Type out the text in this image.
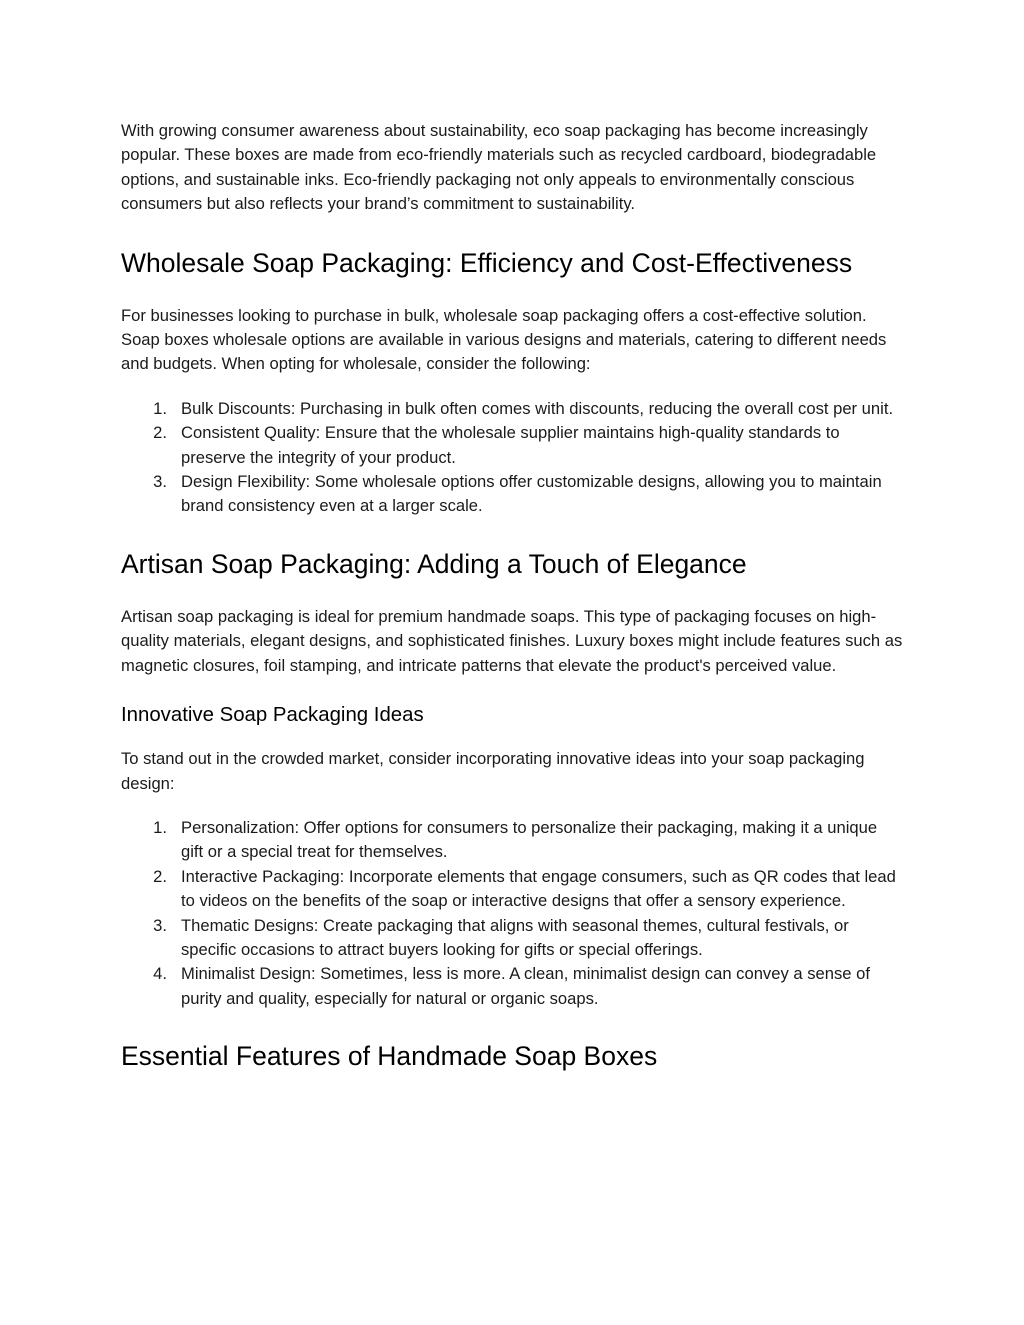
With growing consumer awareness about sustainability, eco soap packaging has become increasingly popular. These boxes are made from eco-friendly materials such as recycled cardboard, biodegradable options, and sustainable inks. Eco-friendly packaging not only appeals to environmentally conscious consumers but also reflects your brand’s commitment to sustainability.

Wholesale Soap Packaging: Efficiency and Cost-Effectiveness

For businesses looking to purchase in bulk, wholesale soap packaging offers a cost-effective solution. Soap boxes wholesale options are available in various designs and materials, catering to different needs and budgets. When opting for wholesale, consider the following:

1. Bulk Discounts: Purchasing in bulk often comes with discounts, reducing the overall cost per unit.
2. Consistent Quality: Ensure that the wholesale supplier maintains high-quality standards to preserve the integrity of your product.
3. Design Flexibility: Some wholesale options offer customizable designs, allowing you to maintain brand consistency even at a larger scale.
Artisan Soap Packaging: Adding a Touch of Elegance

Artisan soap packaging is ideal for premium handmade soaps. This type of packaging focuses on high-quality materials, elegant designs, and sophisticated finishes. Luxury boxes might include features such as magnetic closures, foil stamping, and intricate patterns that elevate the product's perceived value.

Innovative Soap Packaging Ideas

To stand out in the crowded market, consider incorporating innovative ideas into your soap packaging design:

1. Personalization: Offer options for consumers to personalize their packaging, making it a unique gift or a special treat for themselves.
2. Interactive Packaging: Incorporate elements that engage consumers, such as QR codes that lead to videos on the benefits of the soap or interactive designs that offer a sensory experience.
3. Thematic Designs: Create packaging that aligns with seasonal themes, cultural festivals, or specific occasions to attract buyers looking for gifts or special offerings.
4. Minimalist Design: Sometimes, less is more. A clean, minimalist design can convey a sense of purity and quality, especially for natural or organic soaps.
Essential Features of Handmade Soap Boxes
